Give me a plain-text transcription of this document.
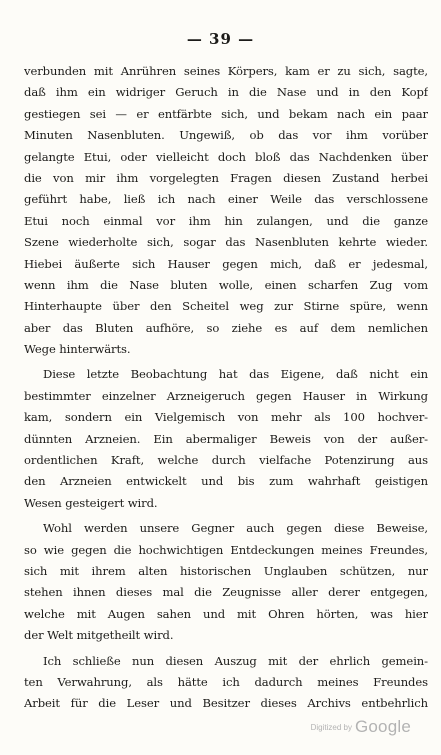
— 39 —
verbunden mit Anrühren seines Körpers, kam er zu sich, sagte,
daß ihm ein widriger Geruch in die Nase und in den Kopf
gestiegen sei — er entfärbte sich, und bekam nach ein paar
Minuten Nasenbluten. Ungewiß, ob das vor ihm vorüber
gelangte Etui, oder vielleicht doch bloß das Nachdenken über
die von mir ihm vorgelegten Fragen diesen Zustand herbei
geführt habe, ließ ich nach einer Weile das verschlossene
Etui noch einmal vor ihm hin zulangen, und die ganze
Szene wiederholte sich, sogar das Nasenbluten kehrte wieder.
Hiebei äußerte sich Hauser gegen mich, daß er jedesmal,
wenn ihm die Nase bluten wolle, einen scharfen Zug vom
Hinterhaupte über den Scheitel weg zur Stirne spüre, wenn
aber das Bluten aufhöre, so ziehe es auf dem nemlichen
Wege hinterwärts.
Diese letzte Beobachtung hat das Eigene, daß nicht ein
bestimmter einzelner Arzneigeruch gegen Hauser in Wirkung
kam, sondern ein Vielgemisch von mehr als 100 hochver-
dünnten Arzneien. Ein abermaliger Beweis von der außer-
ordentlichen Kraft, welche durch vielfache Potenzirung aus
den Arzneien entwickelt und bis zum wahrhaft geistigen
Wesen gesteigert wird.
Wohl werden unsere Gegner auch gegen diese Beweise,
so wie gegen die hochwichtigen Entdeckungen meines Freundes,
sich mit ihrem alten historischen Unglauben schützen, nur
stehen ihnen dieses mal die Zeugnisse aller derer entgegen,
welche mit Augen sahen und mit Ohren hörten, was hier
der Welt mitgetheilt wird.
Ich schließe nun diesen Auszug mit der ehrlich gemein-
ten Verwahrung, als hätte ich dadurch meines Freundes
Arbeit für die Leser und Besitzer dieses Archivs entbehrlich
Digitized by Google
